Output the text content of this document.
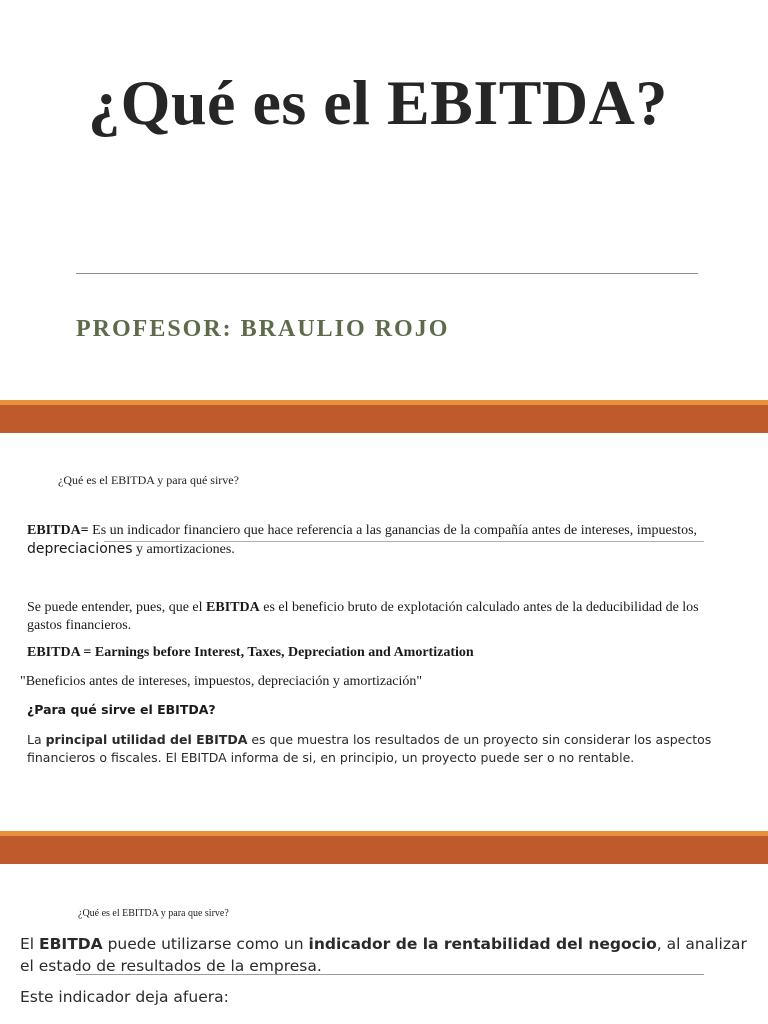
¿Qué es el EBITDA?
PROFESOR: BRAULIO ROJO
¿Qué es el EBITDA y para qué sirve?
EBITDA= Es un indicador financiero que hace referencia a las ganancias de la compañía antes de intereses, impuestos, depreciaciones y amortizaciones.
Se puede entender, pues, que el EBITDA es el beneficio bruto de explotación calculado antes de la deducibilidad de los gastos financieros.
EBITDA = Earnings before Interest, Taxes, Depreciation and Amortization
"Beneficios antes de intereses, impuestos, depreciación y amortización"
¿Para qué sirve el EBITDA?
La principal utilidad del EBITDA es que muestra los resultados de un proyecto sin considerar los aspectos financieros o fiscales. El EBITDA informa de si, en principio, un proyecto puede ser o no rentable.
¿Qué es el EBITDA y para que sirve?
El EBITDA puede utilizarse como un indicador de la rentabilidad del negocio, al analizar el estado de resultados de la empresa.
Este indicador deja afuera:
